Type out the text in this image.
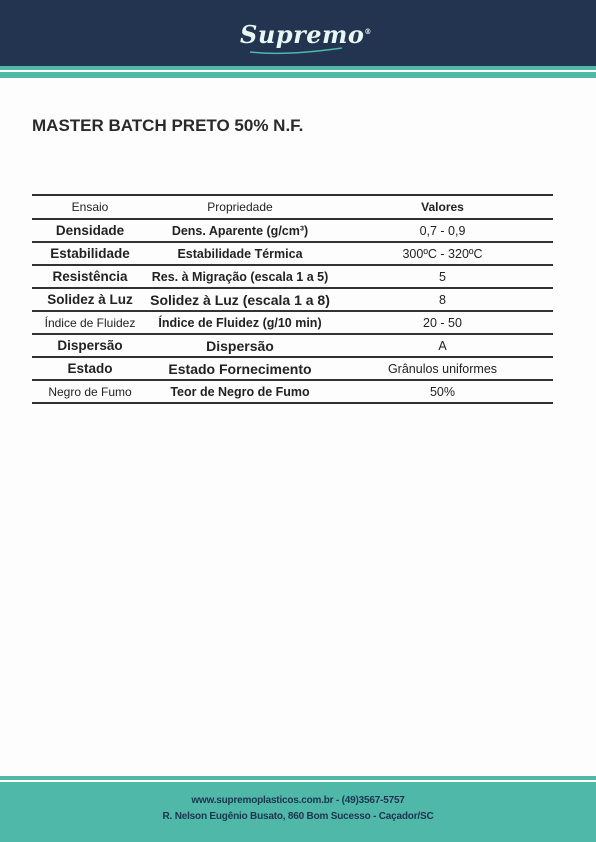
Supremo®
MASTER BATCH PRETO 50% N.F.
Ensaio	Propriedade	Valores
Densidade	Dens. Aparente (g/cm³)	0,7 - 0,9
Estabilidade	Estabilidade Térmica	300ºC - 320ºC
Resistência	Res. à Migração (escala 1 a 5)	5
Solidez à Luz	Solidez à Luz (escala 1 a 8)	8
Índice de Fluidez	Índice de Fluidez (g/10 min)	20 - 50
Dispersão	Dispersão	A
Estado	Estado Fornecimento	Grânulos uniformes
Negro de Fumo	Teor de Negro de Fumo	50%
www.supremoplasticos.com.br - (49)3567-5757
R. Nelson Eugênio Busato, 860 Bom Sucesso - Caçador/SC
